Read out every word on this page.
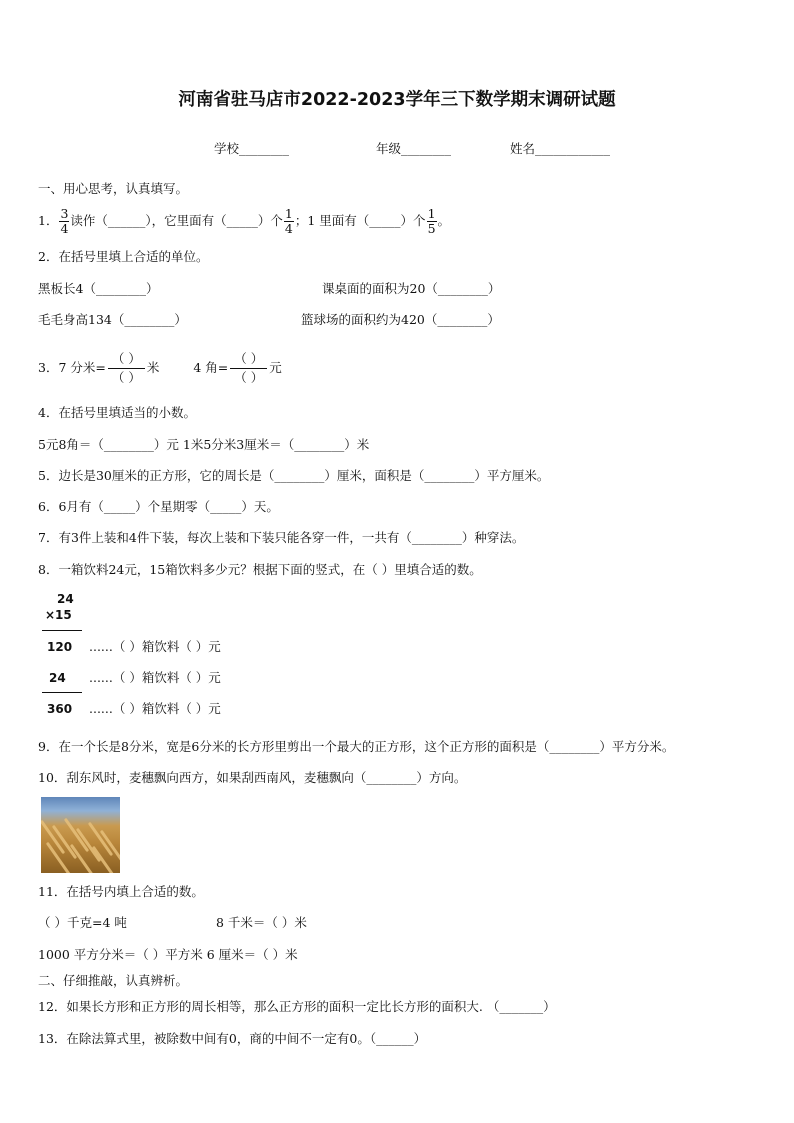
河南省驻马店市2022-2023学年三下数学期末调研试题
学校________	年级________	姓名____________
一、用心思考，认真填写。
1． $\frac{3}{4}$ 读作（______），它里面有（_____）个 $\frac{1}{4}$ ；1 里面有（_____）个 $\frac{1}{5}$ 。
2．在括号里填上合适的单位。
黑板长4（________）	课桌面的面积为20（________）
毛毛身高134（________）	篮球场的面积约为420（________）
3．7 分米=
（ ）
（ ）
米	4 角=
（ ）
（ ）
元
4．在括号里填适当的小数。
5元8角＝（________）元 1米5分米3厘米＝（________）米
5．边长是30厘米的正方形，它的周长是（________）厘米，面积是（________）平方厘米。
6．6月有（_____）个星期零（_____）天。
7．有3件上装和4件下装，每次上装和下装只能各穿一件，一共有（________）种穿法。
8．一箱饮料24元，15箱饮料多少元？根据下面的竖式，在（ ）里填合适的数。
24
×15
120 ......（ ）箱饮料（ ）元
24 ......（ ）箱饮料（ ）元
360 ......（ ）箱饮料（ ）元
9．在一个长是8分米，宽是6分米的长方形里剪出一个最大的正方形，这个正方形的面积是（________）平方分米。
10．刮东风时，麦穗飘向西方，如果刮西南风，麦穗飘向（________）方向。
11．在括号内填上合适的数。
（ ）千克=4 吨	8 千米＝（ ）米
1000 平方分米＝（ ）平方米 6 厘米＝（ ）米
二、仔细推敲，认真辨析。
12．如果长方形和正方形的周长相等，那么正方形的面积一定比长方形的面积大. （_______）
13．在除法算式里，被除数中间有0，商的中间不一定有0。（______）
